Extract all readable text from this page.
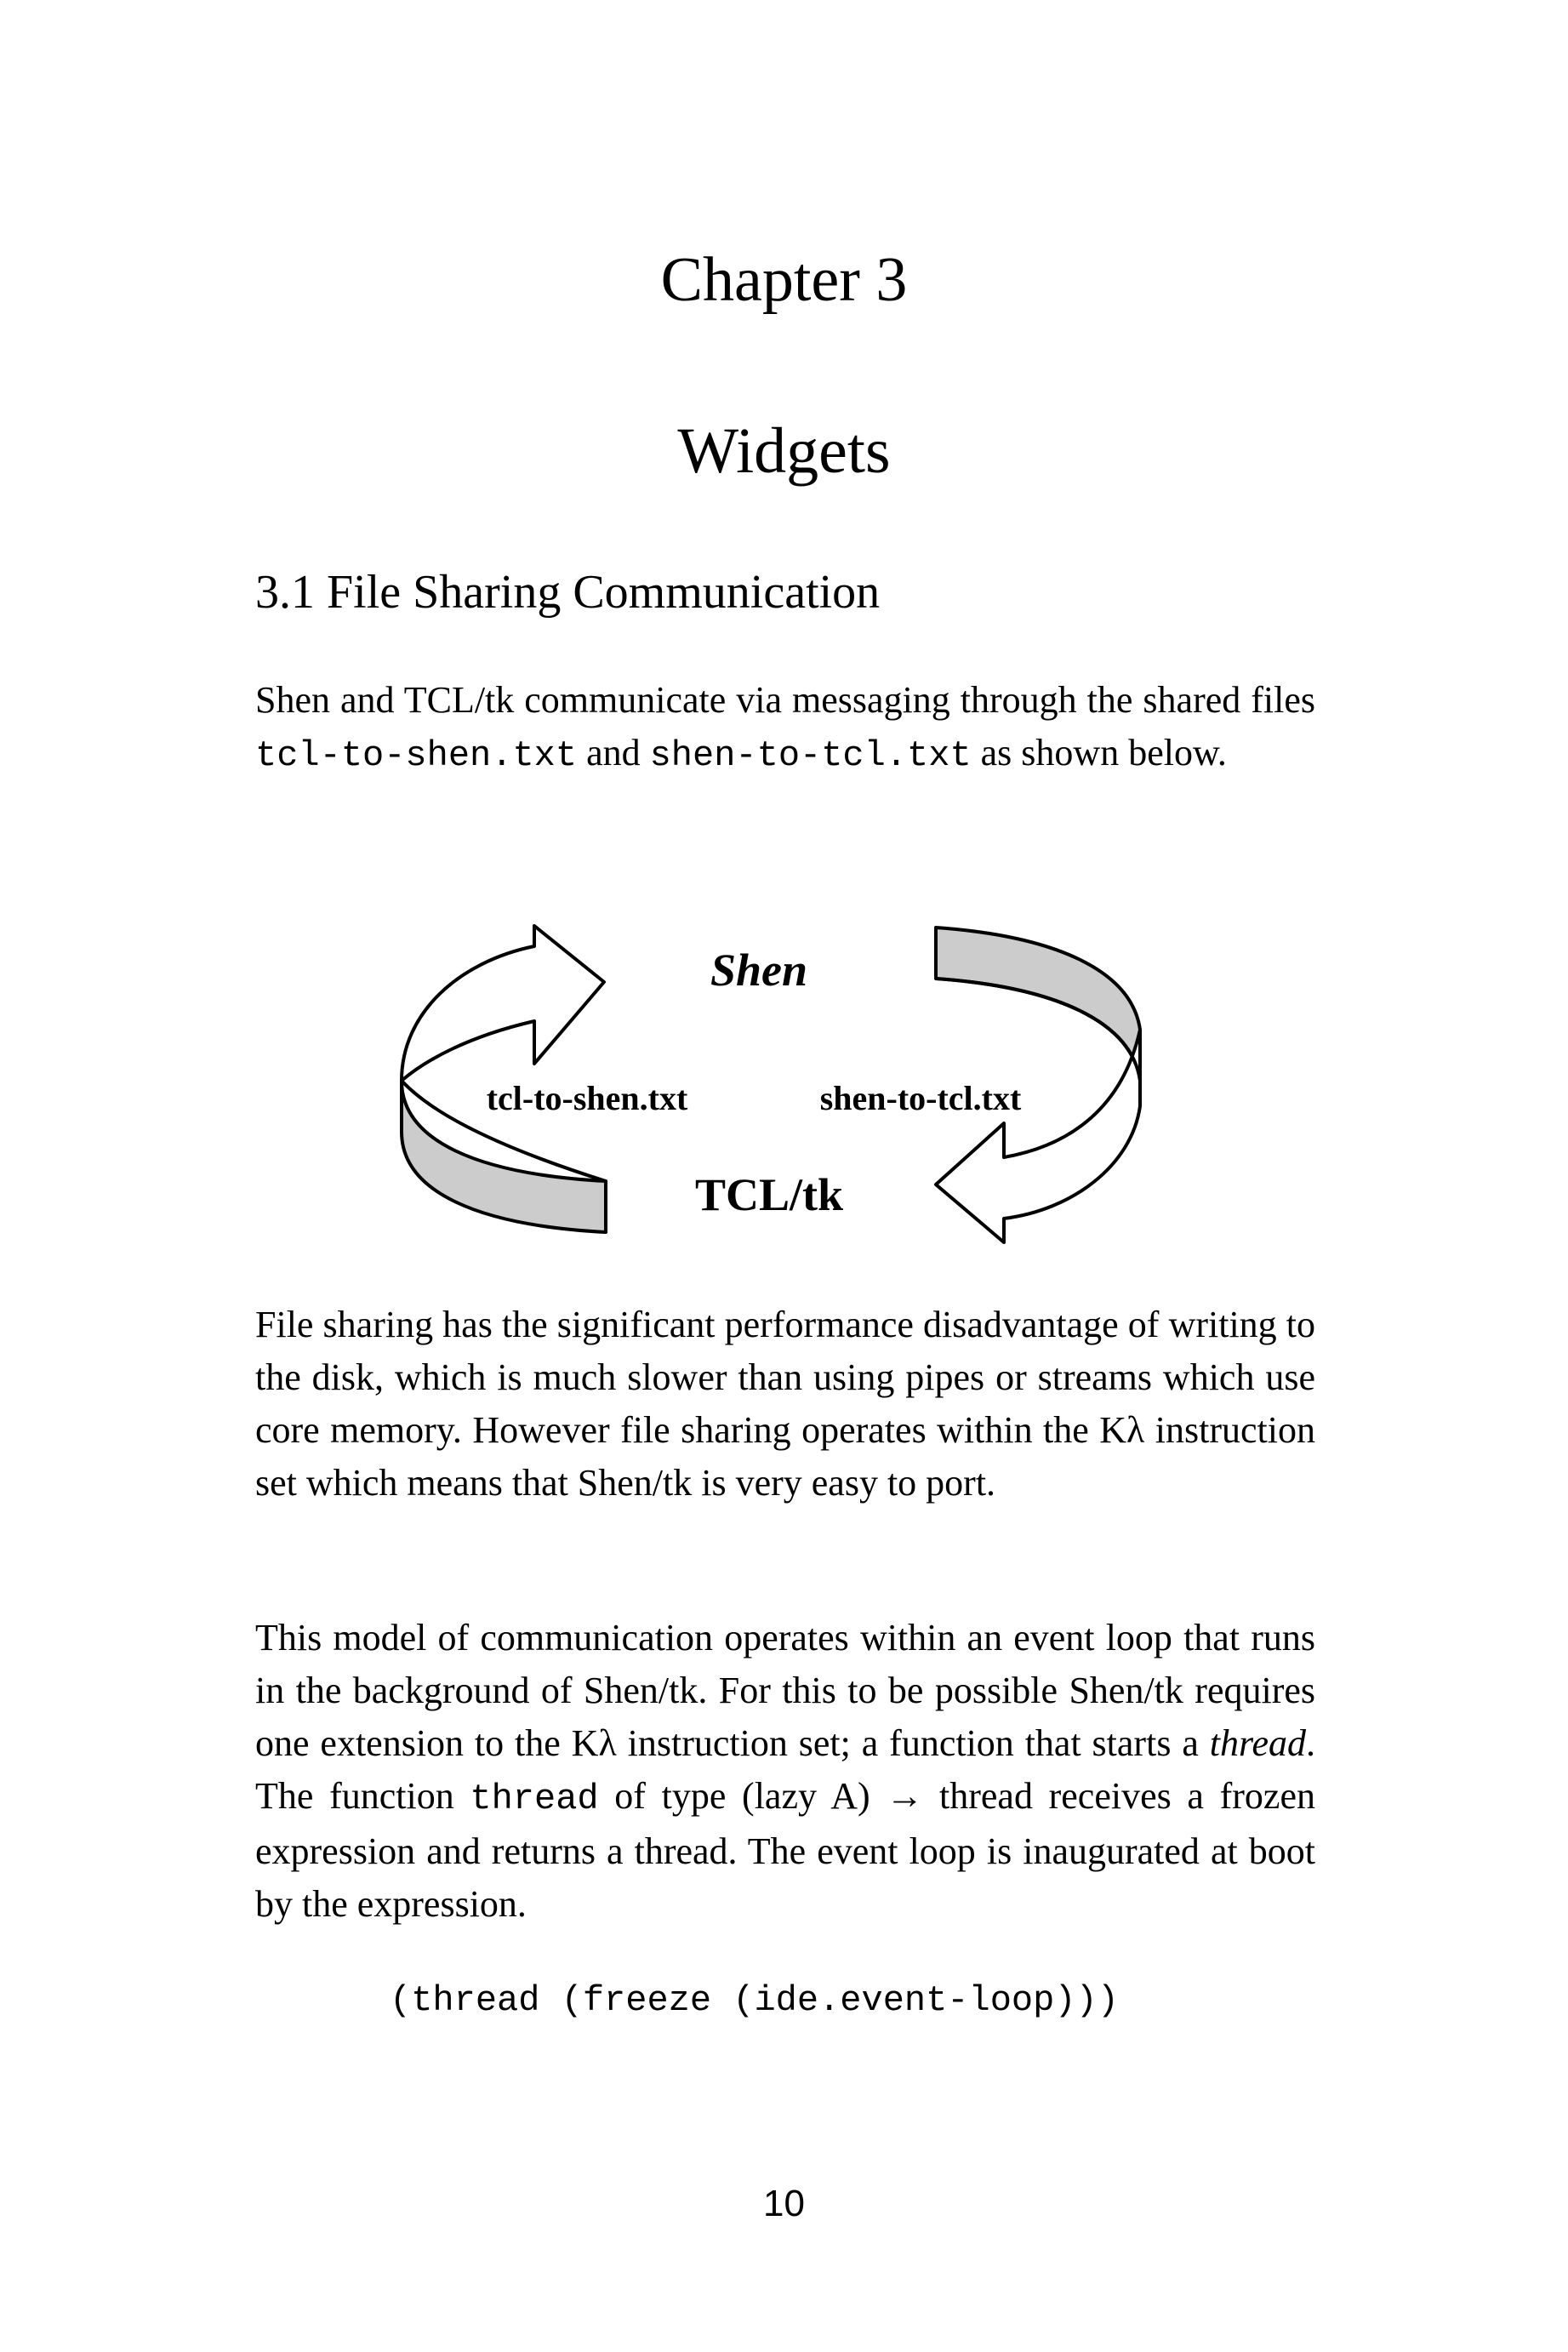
Chapter 3
Widgets
3.1 File Sharing Communication
Shen and TCL/tk communicate via messaging through the shared files tcl-to-shen.txt and shen-to-tcl.txt as shown below.
Shen
tcl-to-shen.txt	shen-to-tcl.txt
TCL/tk
File sharing has the significant performance disadvantage of writing to the disk, which is much slower than using pipes or streams which use core memory. However file sharing operates within the Kλ instruction set which means that Shen/tk is very easy to port.
This model of communication operates within an event loop that runs in the background of Shen/tk. For this to be possible Shen/tk requires one extension to the Kλ instruction set; a function that starts a thread. The function thread of type (lazy A) → thread receives a frozen expression and returns a thread. The event loop is inaugurated at boot by the expression.
(thread (freeze (ide.event-loop)))
10
